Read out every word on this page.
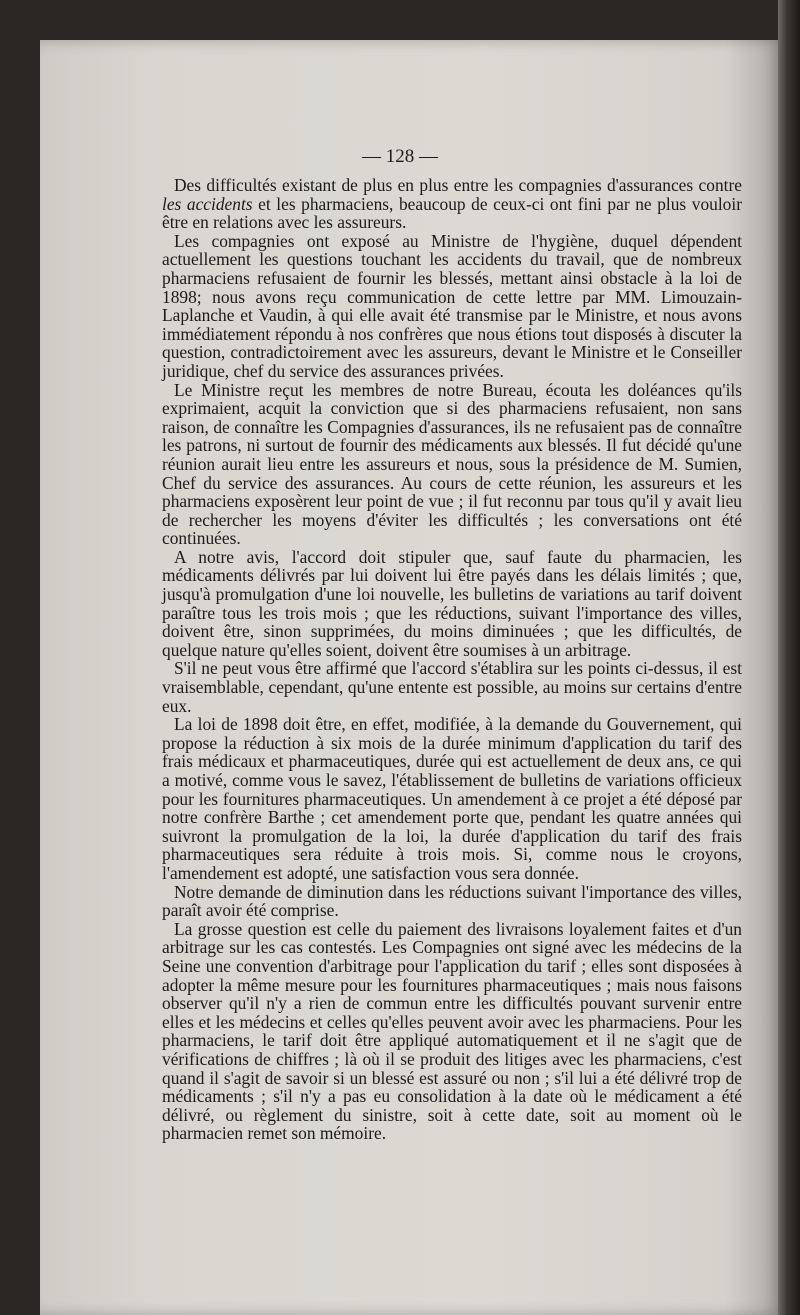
— 128 —

Des difficultés existant de plus en plus entre les compagnies d'assurances contre les accidents et les pharmaciens, beaucoup de ceux-ci ont fini par ne plus vouloir être en relations avec les assureurs.

Les compagnies ont exposé au Ministre de l'hygiène, duquel dépendent actuellement les questions touchant les accidents du travail, que de nombreux pharmaciens refusaient de fournir les blessés, mettant ainsi obstacle à la loi de 1898; nous avons reçu communication de cette lettre par MM. Limouzain-Laplanche et Vaudin, à qui elle avait été transmise par le Ministre, et nous avons immédiatement répondu à nos confrères que nous étions tout disposés à discuter la question, contradictoirement avec les assureurs, devant le Ministre et le Conseiller juridique, chef du service des assurances privées.

Le Ministre reçut les membres de notre Bureau, écouta les doléances qu'ils exprimaient, acquit la conviction que si des pharmaciens refusaient, non sans raison, de connaître les Compagnies d'assurances, ils ne refusaient pas de connaître les patrons, ni surtout de fournir des médicaments aux blessés. Il fut décidé qu'une réunion aurait lieu entre les assureurs et nous, sous la présidence de M. Sumien, Chef du service des assurances. Au cours de cette réunion, les assureurs et les pharmaciens exposèrent leur point de vue ; il fut reconnu par tous qu'il y avait lieu de rechercher les moyens d'éviter les difficultés ; les conversations ont été continuées.

A notre avis, l'accord doit stipuler que, sauf faute du pharmacien, les médicaments délivrés par lui doivent lui être payés dans les délais limités ; que, jusqu'à promulgation d'une loi nouvelle, les bulletins de variations au tarif doivent paraître tous les trois mois ; que les réductions, suivant l'importance des villes, doivent être, sinon supprimées, du moins diminuées ; que les difficultés, de quelque nature qu'elles soient, doivent être soumises à un arbitrage.

S'il ne peut vous être affirmé que l'accord s'établira sur les points ci-dessus, il est vraisemblable, cependant, qu'une entente est possible, au moins sur certains d'entre eux.

La loi de 1898 doit être, en effet, modifiée, à la demande du Gouvernement, qui propose la réduction à six mois de la durée minimum d'application du tarif des frais médicaux et pharmaceutiques, durée qui est actuellement de deux ans, ce qui a motivé, comme vous le savez, l'établissement de bulletins de variations officieux pour les fournitures pharmaceutiques. Un amendement à ce projet a été déposé par notre confrère Barthe ; cet amendement porte que, pendant les quatre années qui suivront la promulgation de la loi, la durée d'application du tarif des frais pharmaceutiques sera réduite à trois mois. Si, comme nous le croyons, l'amendement est adopté, une satisfaction vous sera donnée.

Notre demande de diminution dans les réductions suivant l'importance des villes, paraît avoir été comprise.

La grosse question est celle du paiement des livraisons loyalement faites et d'un arbitrage sur les cas contestés. Les Compagnies ont signé avec les médecins de la Seine une convention d'arbitrage pour l'application du tarif ; elles sont disposées à adopter la même mesure pour les fournitures pharmaceutiques ; mais nous faisons observer qu'il n'y a rien de commun entre les difficultés pouvant survenir entre elles et les médecins et celles qu'elles peuvent avoir avec les pharmaciens. Pour les pharmaciens, le tarif doit être appliqué automatiquement et il ne s'agit que de vérifications de chiffres ; là où il se produit des litiges avec les pharmaciens, c'est quand il s'agit de savoir si un blessé est assuré ou non ; s'il lui a été délivré trop de médicaments ; s'il n'y a pas eu consolidation à la date où le médicament a été délivré, ou règlement du sinistre, soit à cette date, soit au moment où le pharmacien remet son mémoire.
